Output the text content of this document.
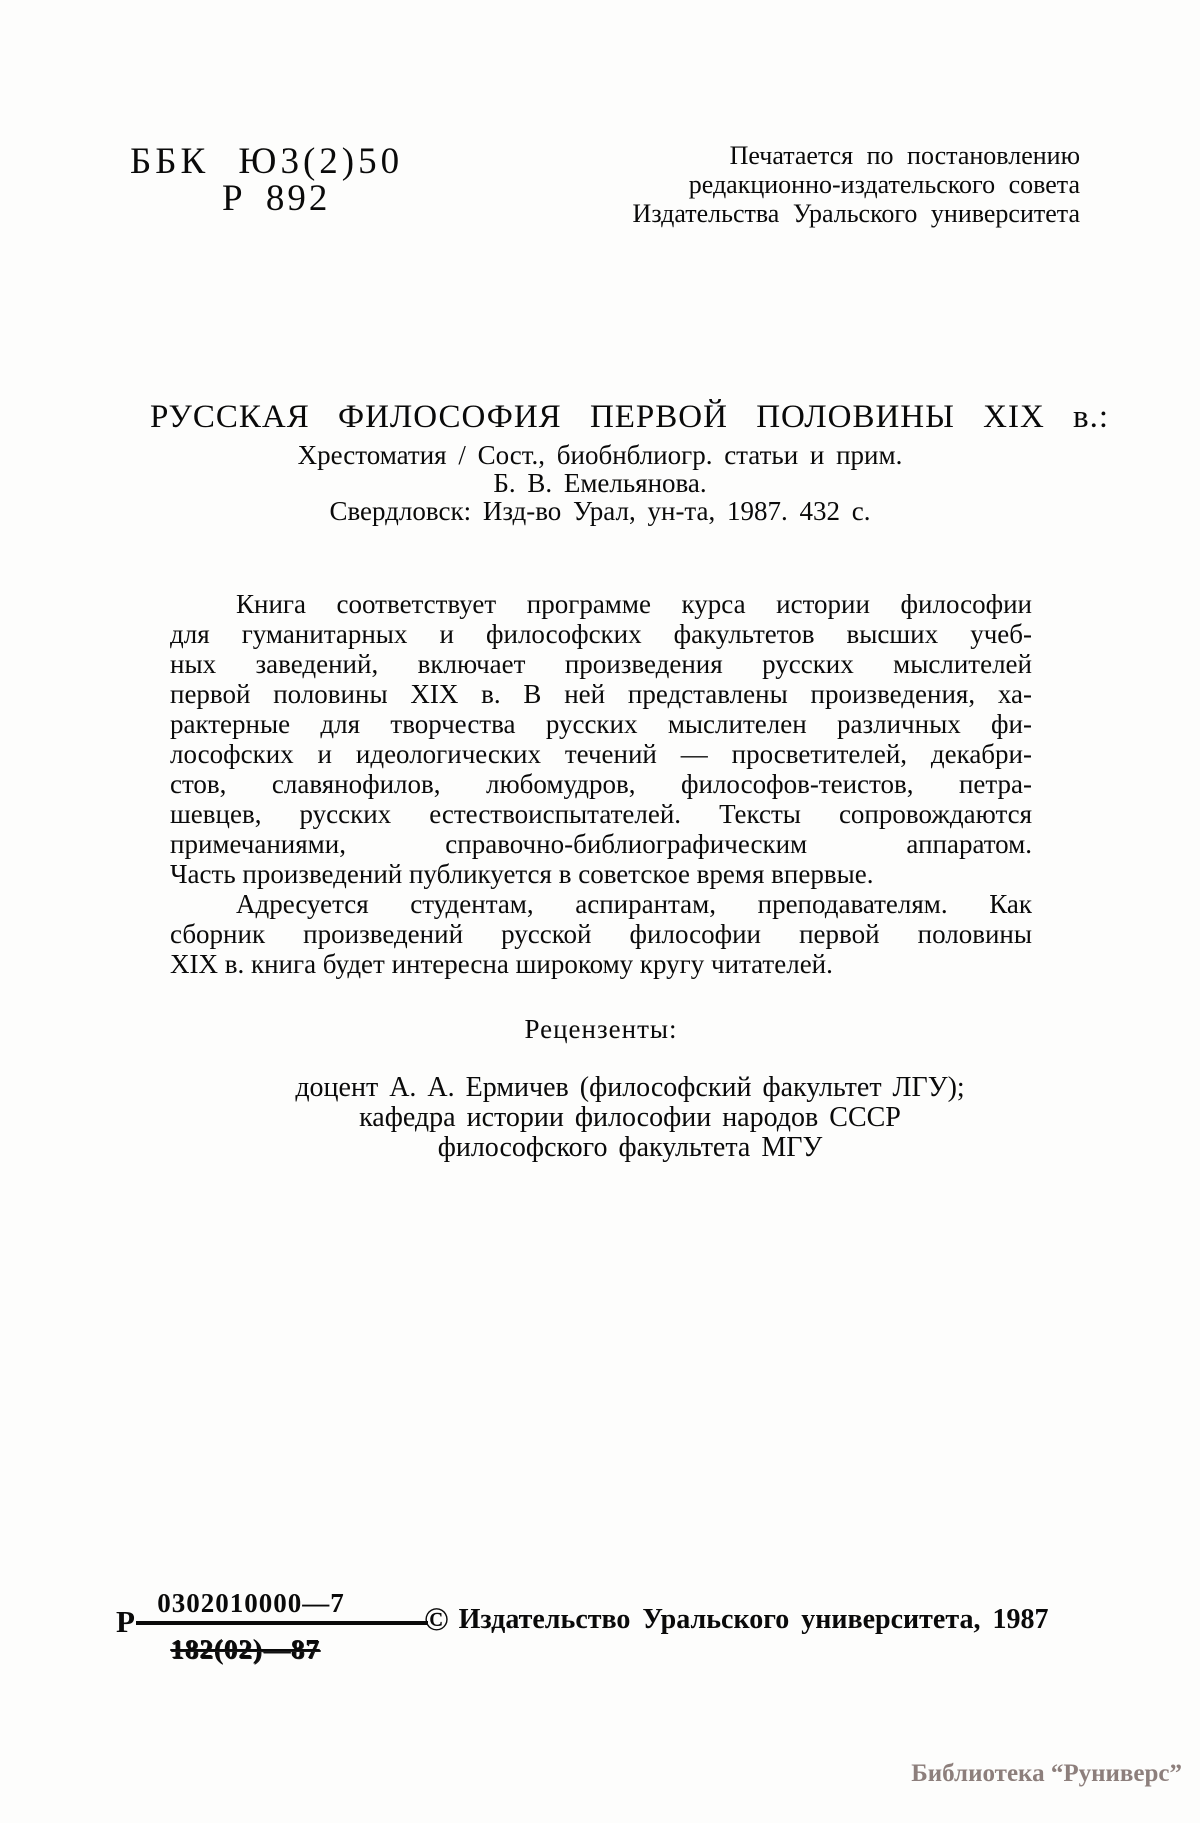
ББК Ю3(2)50
Р 892
Печатается по постановлению
редакционно-издательского совета
Издательства Уральского университета
РУССКАЯ ФИЛОСОФИЯ ПЕРВОЙ ПОЛОВИНЫ XIX в.:
Хрестоматия / Сост., биобнблиогр. статьи и прим.
Б. В. Емельянова.
Свердловск: Изд-во Урал, ун-та, 1987. 432 с.
Книга соответствует программе курса истории философии
для гуманитарных и философских факультетов высших учеб-
ных заведений, включает произведения русских мыслителей
первой половины XIX в. В ней представлены произведения, ха-
рактерные для творчества русских мыслителен различных фи-
лософских и идеологических течений — просветителей, декабри-
стов, славянофилов, любомудров, философов-теистов, петра-
шевцев, русских естествоиспытателей. Тексты сопровождаются
примечаниями, справочно-библиографическим аппаратом.
Часть произведений публикуется в советское время впервые.
Адресуется студентам, аспирантам, преподавателям. Как
сборник произведений русской философии первой половины
XIX в. книга будет интересна широкому кругу читателей.
Рецензенты:
доцент А. А. Ермичев (философский факультет ЛГУ);
кафедра истории философии народов СССР
философского факультета МГУ
Р
0302010000—7
182(02)—87
© Издательство Уральского университета, 1987
Библиотека “Руниверс”
